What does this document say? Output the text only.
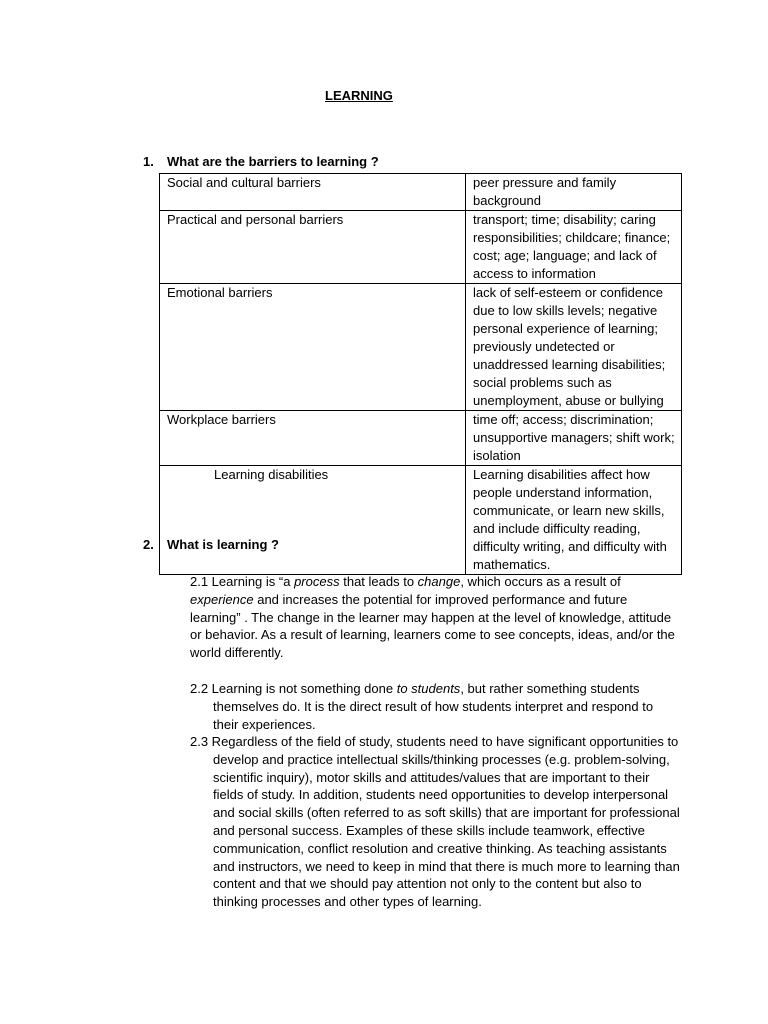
LEARNING
1. What are the barriers to learning ?
Social and cultural barriers	peer pressure and family background
Practical and personal barriers	transport; time; disability; caring responsibilities; childcare; finance; cost; age; language; and lack of access to information
Emotional barriers	lack of self-esteem or confidence due to low skills levels; negative personal experience of learning; previously undetected or unaddressed learning disabilities; social problems such as unemployment, abuse or bullying
Workplace barriers	time off; access; discrimination; unsupportive managers; shift work; isolation
Learning disabilities	Learning disabilities affect how people understand information, communicate, or learn new skills, and include difficulty reading, difficulty writing, and difficulty with mathematics.
2. What is learning ?
2.1 Learning is “a process that leads to change, which occurs as a result of experience and increases the potential for improved performance and future learning” . The change in the learner may happen at the level of knowledge, attitude or behavior. As a result of learning, learners come to see concepts, ideas, and/or the world differently.
2.2 Learning is not something done to students, but rather something students themselves do. It is the direct result of how students interpret and respond to their experiences.
2.3 Regardless of the field of study, students need to have significant opportunities to develop and practice intellectual skills/thinking processes (e.g. problem-solving, scientific inquiry), motor skills and attitudes/values that are important to their fields of study. In addition, students need opportunities to develop interpersonal and social skills (often referred to as soft skills) that are important for professional and personal success. Examples of these skills include teamwork, effective communication, conflict resolution and creative thinking. As teaching assistants and instructors, we need to keep in mind that there is much more to learning than content and that we should pay attention not only to the content but also to thinking processes and other types of learning.
